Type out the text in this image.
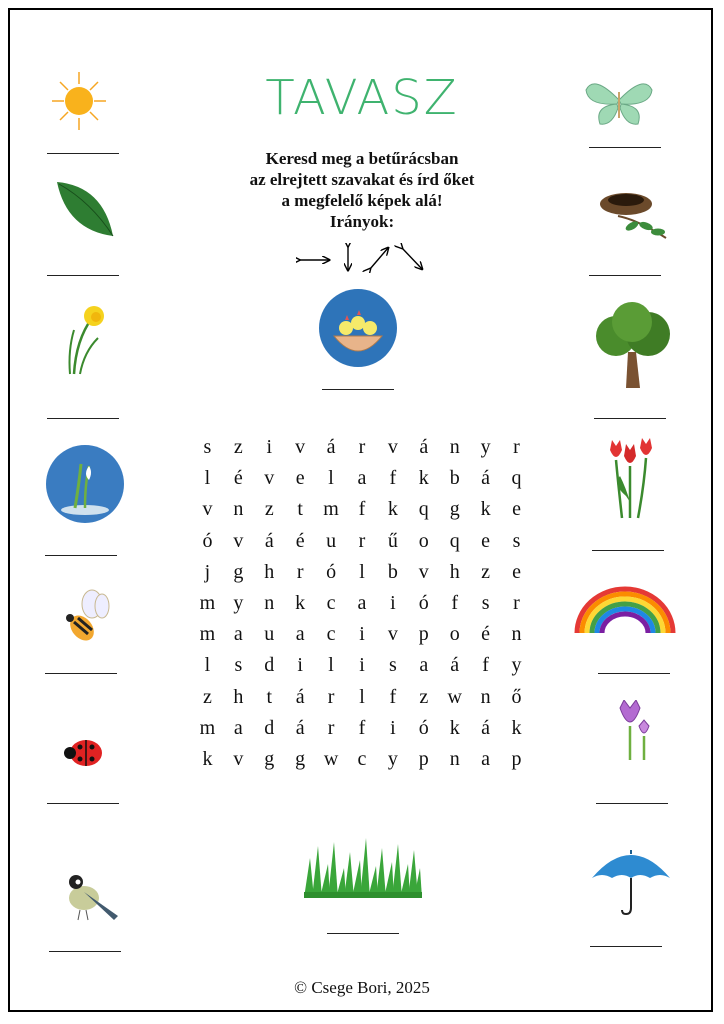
TAVASZ
Keresd meg a betűrácsban
az elrejtett szavakat és írd őket
a megfelelő képek alá!
Irányok:
s	z	i	v	á	r	v	á	n	y	r
l	é	v	e	l	a	f	k	b	á	q
v	n	z	t	m f	k	q	g	k	e
ó	v	á	é	u	r	ű	o	q	e	s
j	g	h	r	ó	l	b	v	h	z	e
m y	n	k	c	a	i	ó	f	s	r
m a	u	a	c	i	v	p	o	é	n
l	s	d	i	l	i	s	a	á	f	y
z	h	t	á	r	l	f	z w n	ő
m a	d	á	r	f	i	ó	k	á	k
k	v	g	g w c	y	p	n	a	p
© Csege Bori, 2025
